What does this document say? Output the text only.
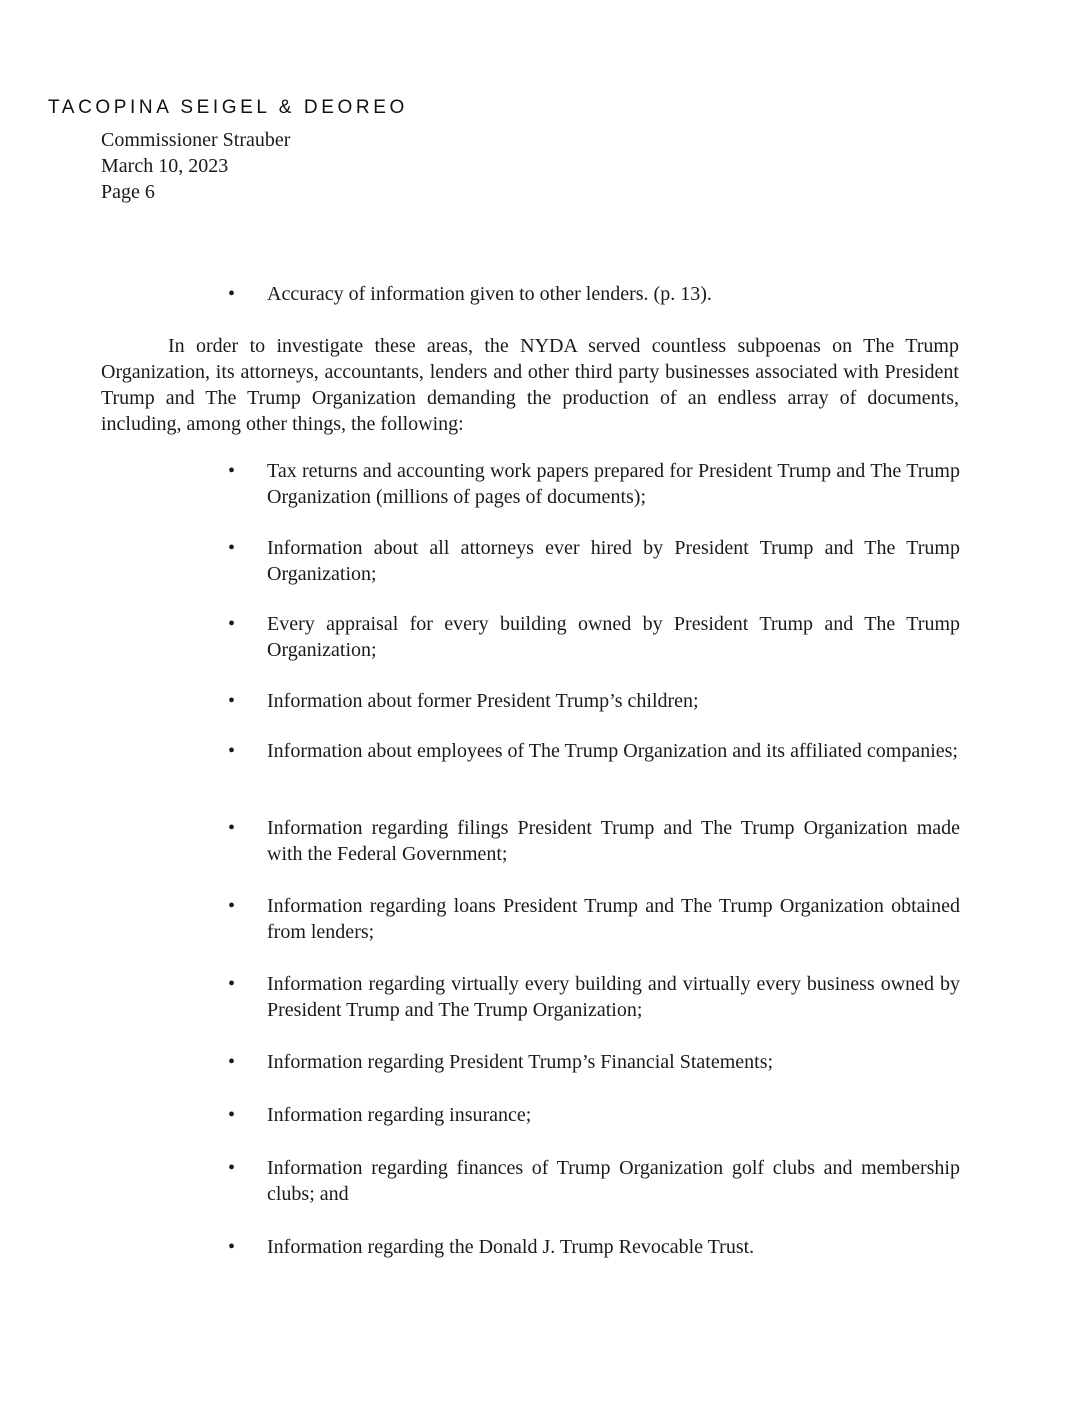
TACOPINA SEIGEL & DEOREO
Commissioner Strauber
March 10, 2023
Page 6
•	Accuracy of information given to other lenders. (p. 13).
In order to investigate these areas, the NYDA served countless subpoenas on The Trump Organization, its attorneys, accountants, lenders and other third party businesses associated with President Trump and The Trump Organization demanding the production of an endless array of documents, including, among other things, the following:
•	Tax returns and accounting work papers prepared for President Trump and The Trump Organization (millions of pages of documents);
•	Information about all attorneys ever hired by President Trump and The Trump Organization;
•	Every appraisal for every building owned by President Trump and The Trump Organization;
•	Information about former President Trump’s children;
•	Information about employees of The Trump Organization and its affiliated companies;
•	Information regarding filings President Trump and The Trump Organization made with the Federal Government;
•	Information regarding loans President Trump and The Trump Organization obtained from lenders;
•	Information regarding virtually every building and virtually every business owned by President Trump and The Trump Organization;
•	Information regarding President Trump’s Financial Statements;
•	Information regarding insurance;
•	Information regarding finances of Trump Organization golf clubs and membership clubs; and
•	Information regarding the Donald J. Trump Revocable Trust.
